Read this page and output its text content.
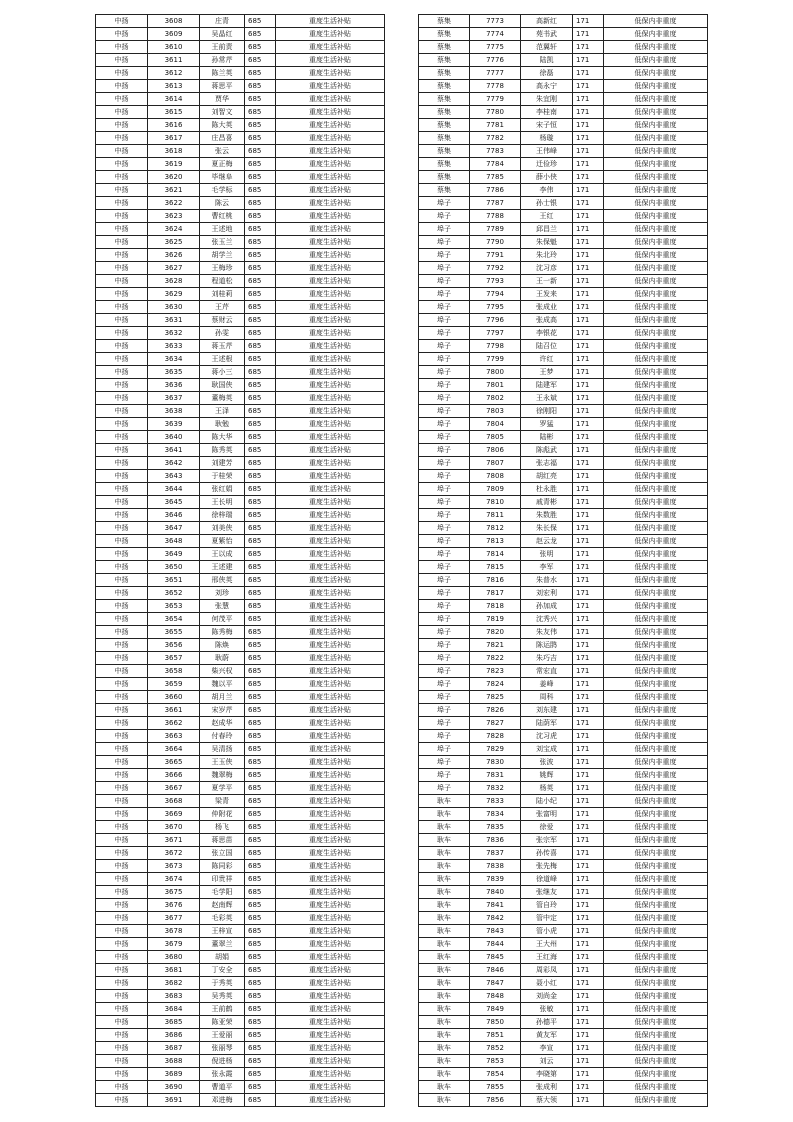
中扬	3608	庄青	685	重度生活补贴
中扬	3609	吴晶红	685	重度生活补贴
中扬	3610	王前责	685	重度生活补贴
中扬	3611	孙常芹	685	重度生活补贴
中扬	3612	陈兰英	685	重度生活补贴
中扬	3613	蒋思平	685	重度生活补贴
中扬	3614	贾华	685	重度生活补贴
中扬	3615	刘智文	685	重度生活补贴
中扬	3616	陈大英	685	重度生活补贴
中扬	3617	庄昌喜	685	重度生活补贴
中扬	3618	张云	685	重度生活补贴
中扬	3619	夏正梅	685	重度生活补贴
中扬	3620	毕继阜	685	重度生活补贴
中扬	3621	毛学标	685	重度生活补贴
中扬	3622	陈云	685	重度生活补贴
中扬	3623	曹红桃	685	重度生活补贴
中扬	3624	王述地	685	重度生活补贴
中扬	3625	张玉兰	685	重度生活补贴
中扬	3626	胡学兰	685	重度生活补贴
中扬	3627	王梅珍	685	重度生活补贴
中扬	3628	程道松	685	重度生活补贴
中扬	3629	刘桂莉	685	重度生活补贴
中扬	3630	王芹	685	重度生活补贴
中扬	3631	蔡财云	685	重度生活补贴
中扬	3632	孙雯	685	重度生活补贴
中扬	3633	蒋玉芹	685	重度生活补贴
中扬	3634	王述根	685	重度生活补贴
中扬	3635	蒋小三	685	重度生活补贴
中扬	3636	耿国侠	685	重度生活补贴
中扬	3637	董梅英	685	重度生活补贴
中扬	3638	王泽	685	重度生活补贴
中扬	3639	耿勉	685	重度生活补贴
中扬	3640	陈大华	685	重度生活补贴
中扬	3641	陈秀英	685	重度生活补贴
中扬	3642	刘建芳	685	重度生活补贴
中扬	3643	于桂荣	685	重度生活补贴
中扬	3644	张红娟	685	重度生活补贴
中扬	3645	王长明	685	重度生活补贴
中扬	3646	徐梓瑞	685	重度生活补贴
中扬	3647	刘美侠	685	重度生活补贴
中扬	3648	夏紫怡	685	重度生活补贴
中扬	3649	王以成	685	重度生活补贴
中扬	3650	王述建	685	重度生活补贴
中扬	3651	邢侠英	685	重度生活补贴
中扬	3652	刘珍	685	重度生活补贴
中扬	3653	张慧	685	重度生活补贴
中扬	3654	何茂平	685	重度生活补贴
中扬	3655	陈秀梅	685	重度生活补贴
中扬	3656	陈焕	685	重度生活补贴
中扬	3657	耿蔚	685	重度生活补贴
中扬	3658	柴兴权	685	重度生活补贴
中扬	3659	魏以平	685	重度生活补贴
中扬	3660	胡月兰	685	重度生活补贴
中扬	3661	宋岁芹	685	重度生活补贴
中扬	3662	赵成华	685	重度生活补贴
中扬	3663	付春玲	685	重度生活补贴
中扬	3664	吴清扬	685	重度生活补贴
中扬	3665	王玉侠	685	重度生活补贴
中扬	3666	魏翠梅	685	重度生活补贴
中扬	3667	夏学平	685	重度生活补贴
中扬	3668	梁青	685	重度生活补贴
中扬	3669	仲附花	685	重度生活补贴
中扬	3670	杨飞	685	重度生活补贴
中扬	3671	蒋思苗	685	重度生活补贴
中扬	3672	张立国	685	重度生活补贴
中扬	3673	陈同彩	685	重度生活补贴
中扬	3674	印贵祥	685	重度生活补贴
中扬	3675	毛学阳	685	重度生活补贴
中扬	3676	赵南辉	685	重度生活补贴
中扬	3677	毛彩英	685	重度生活补贴
中扬	3678	王梓宣	685	重度生活补贴
中扬	3679	董翠兰	685	重度生活补贴
中扬	3680	胡娟	685	重度生活补贴
中扬	3681	丁安全	685	重度生活补贴
中扬	3682	于秀英	685	重度生活补贴
中扬	3683	吴秀英	685	重度生活补贴
中扬	3684	王前鹤	685	重度生活补贴
中扬	3685	陈亚荣	685	重度生活补贴
中扬	3686	王爱丽	685	重度生活补贴
中扬	3687	张丽琴	685	重度生活补贴
中扬	3688	倪进杨	685	重度生活补贴
中扬	3689	张永霞	685	重度生活补贴
中扬	3690	曹道平	685	重度生活补贴
中扬	3691	邓进梅	685	重度生活补贴
蔡集	7773	高新红	171	低保内非重度
蔡集	7774	苑书武	171	低保内非重度
蔡集	7775	范翼轩	171	低保内非重度
蔡集	7776	陆凯	171	低保内非重度
蔡集	7777	徐磊	171	低保内非重度
蔡集	7778	高永宁	171	低保内非重度
蔡集	7779	朱宜刚	171	低保内非重度
蔡集	7780	李桂南	171	低保内非重度
蔡集	7781	宋子恒	171	低保内非重度
蔡集	7782	杨璇	171	低保内非重度
蔡集	7783	王伟峰	171	低保内非重度
蔡集	7784	迁俭珍	171	低保内非重度
蔡集	7785	薛小侠	171	低保内非重度
蔡集	7786	李伟	171	低保内非重度
埠子	7787	孙士银	171	低保内非重度
埠子	7788	王红	171	低保内非重度
埠子	7789	邱昌兰	171	低保内非重度
埠子	7790	朱保魁	171	低保内非重度
埠子	7791	朱北玲	171	低保内非重度
埠子	7792	沈习彦	171	低保内非重度
埠子	7793	王一新	171	低保内非重度
埠子	7794	王发来	171	低保内非重度
埠子	7795	张成业	171	低保内非重度
埠子	7796	张成高	171	低保内非重度
埠子	7797	李银花	171	低保内非重度
埠子	7798	陆召位	171	低保内非重度
埠子	7799	许红	171	低保内非重度
埠子	7800	王梦	171	低保内非重度
埠子	7801	陆建军	171	低保内非重度
埠子	7802	王永斌	171	低保内非重度
埠子	7803	徐刚阳	171	低保内非重度
埠子	7804	罗猛	171	低保内非重度
埠子	7805	陆彬	171	低保内非重度
埠子	7806	陈彪武	171	低保内非重度
埠子	7807	张志福	171	低保内非重度
埠子	7808	胡红亮	171	低保内非重度
埠子	7809	杜永胜	171	低保内非重度
埠子	7810	戚青彬	171	低保内非重度
埠子	7811	朱数胜	171	低保内非重度
埠子	7812	朱长保	171	低保内非重度
埠子	7813	赵云龙	171	低保内非重度
埠子	7814	张明	171	低保内非重度
埠子	7815	李军	171	低保内非重度
埠子	7816	朱普水	171	低保内非重度
埠子	7817	刘宏利	171	低保内非重度
埠子	7818	孙加成	171	低保内非重度
埠子	7819	沈秀兴	171	低保内非重度
埠子	7820	朱友伟	171	低保内非重度
埠子	7821	陈运鹍	171	低保内非重度
埠子	7822	朱巧吉	171	低保内非重度
埠子	7823	常宏直	171	低保内非重度
埠子	7824	姜峰	171	低保内非重度
埠子	7825	周科	171	低保内非重度
埠子	7826	刘东建	171	低保内非重度
埠子	7827	陆荫军	171	低保内非重度
埠子	7828	沈习虎	171	低保内非重度
埠子	7829	刘宝成	171	低保内非重度
埠子	7830	张波	171	低保内非重度
埠子	7831	姚辉	171	低保内非重度
埠子	7832	杨英	171	低保内非重度
耿车	7833	陆小纪	171	低保内非重度
耿车	7834	张富明	171	低保内非重度
耿车	7835	徐爱	171	低保内非重度
耿车	7836	张宗军	171	低保内非重度
耿车	7837	孙传喜	171	低保内非重度
耿车	7838	张先梅	171	低保内非重度
耿车	7839	徐道峰	171	低保内非重度
耿车	7840	张继友	171	低保内非重度
耿车	7841	管自玲	171	低保内非重度
耿车	7842	管中定	171	低保内非重度
耿车	7843	管小虎	171	低保内非重度
耿车	7844	王大州	171	低保内非重度
耿车	7845	王红海	171	低保内非重度
耿车	7846	周彩凤	171	低保内非重度
耿车	7847	聂小红	171	低保内非重度
耿车	7848	刘尚金	171	低保内非重度
耿车	7849	张敏	171	低保内非重度
耿车	7850	孙德平	171	低保内非重度
耿车	7851	黄友军	171	低保内非重度
耿车	7852	李宣	171	低保内非重度
耿车	7853	刘云	171	低保内非重度
耿车	7854	李晓第	171	低保内非重度
耿车	7855	张成利	171	低保内非重度
耿车	7856	蔡大领	171	低保内非重度
